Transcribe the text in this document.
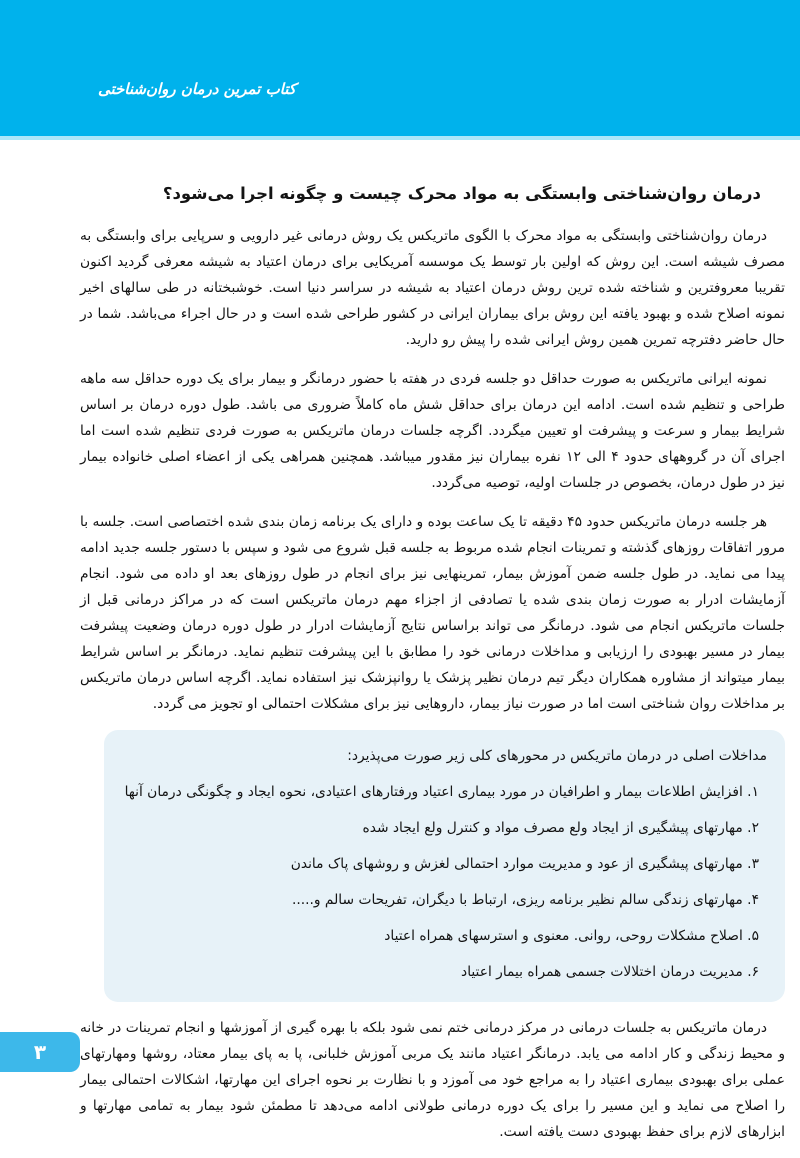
کتاب تمرین درمان روان‌شناختی
درمان روان‌شناختی وابستگی به مواد محرک چیست و چگونه اجرا می‌شود؟

درمان روان‌شناختی وابستگی به مواد محرک با الگوی ماتریکس یک روش درمانی غیر دارویی و سرپایی برای وابستگی به مصرف شیشه است. این روش که اولین بار توسط یک موسسه آمریکایی برای درمان اعتیاد به شیشه معرفی گردید اکنون تقریبا معروفترین و شناخته شده ترین روش درمان اعتیاد به شیشه در سراسر دنیا است. خوشبختانه در طی سالهای اخیر نمونه اصلاح شده و بهبود یافته این روش برای بیماران ایرانی در کشور طراحی شده است و در حال اجراء می‌باشد. شما در حال حاضر دفترچه تمرین همین روش ایرانی شده را پیش رو دارید.

نمونه ایرانی ماتریکس به صورت حداقل دو جلسه فردی در هفته با حضور درمانگر و بیمار برای یک دوره حداقل سه ماهه طراحی و تنظیم شده است. ادامه این درمان برای حداقل شش ماه کاملاً ضروری می باشد. طول دوره درمان بر اساس شرایط بیمار و سرعت و پیشرفت او تعیین میگردد. اگرچه جلسات درمان ماتریکس به صورت فردی تنظیم شده است اما اجرای آن در گروههای حدود ۴ الی ۱۲ نفره بیماران نیز مقدور میباشد. همچنین همراهی یکی از اعضاء اصلی خانواده بیمار نیز در طول درمان، بخصوص در جلسات اولیه، توصیه می‌گردد.

هر جلسه درمان ماتریکس حدود ۴۵ دقیقه تا یک ساعت بوده و دارای یک برنامه زمان بندی شده اختصاصی است. جلسه با مرور اتفاقات روزهای گذشته و تمرینات انجام شده مربوط به جلسه قبل شروع می شود و سپس با دستور جلسه جدید ادامه پیدا می نماید. در طول جلسه ضمن آموزش بیمار، تمرینهایی نیز برای انجام در طول روزهای بعد او داده می شود. انجام آزمایشات ادرار به صورت زمان بندی شده یا تصادفی از اجزاء مهم درمان ماتریکس است که در مراکز درمانی قبل از جلسات ماتریکس انجام می شود. درمانگر می تواند براساس نتایج آزمایشات ادرار در طول دوره درمان وضعیت پیشرفت بیمار در مسیر بهبودی را ارزیابی و مداخلات درمانی خود را مطابق با این پیشرفت تنظیم نماید. درمانگر بر اساس شرایط بیمار میتواند از مشاوره همکاران دیگر تیم درمان نظیر پزشک یا روانپزشک نیز استفاده نماید. اگرچه اساس درمان ماتریکس بر مداخلات روان شناختی است اما در صورت نیاز بیمار، داروهایی نیز برای مشکلات احتمالی او تجویز می گردد.

مداخلات اصلی در درمان ماتریکس در محورهای کلی زیر صورت می‌پذیرد:

۱. افزایش اطلاعات بیمار و اطرافیان در مورد بیماری اعتیاد ورفتارهای اعتیادی، نحوه ایجاد و چگونگی درمان آنها
۲. مهارتهای پیشگیری از ایجاد ولع مصرف مواد و کنترل ولع ایجاد شده
۳. مهارتهای پیشگیری از عود و مدیریت موارد احتمالی لغزش و روشهای پاک ماندن
۴. مهارتهای زندگی سالم نظیر برنامه ریزی، ارتباط با دیگران، تفریحات سالم و.....
۵. اصلاح مشکلات روحی، روانی. معنوی و استرسهای همراه اعتیاد
۶. مدیریت درمان اختلالات جسمی همراه بیمار اعتیاد

درمان ماتریکس به جلسات درمانی در مرکز درمانی ختم نمی شود بلکه با بهره گیری از آموزشها و انجام تمرینات در خانه و محیط زندگی و کار ادامه می یابد. درمانگر اعتیاد مانند یک مربی آموزش خلبانی، پا به پای بیمار معتاد، روشها ومهارتهای عملی برای بهبودی بیماری اعتیاد را به مراجع خود می آموزد و با نظارت بر نحوه اجرای این مهارتها، اشکالات احتمالی بیمار را اصلاح می نماید و این مسیر را برای یک دوره درمانی طولانی ادامه می‌دهد تا مطمئن شود بیمار به تمامی مهارتها و ابزارهای لازم برای حفظ بهبودی دست یافته است.

۳
